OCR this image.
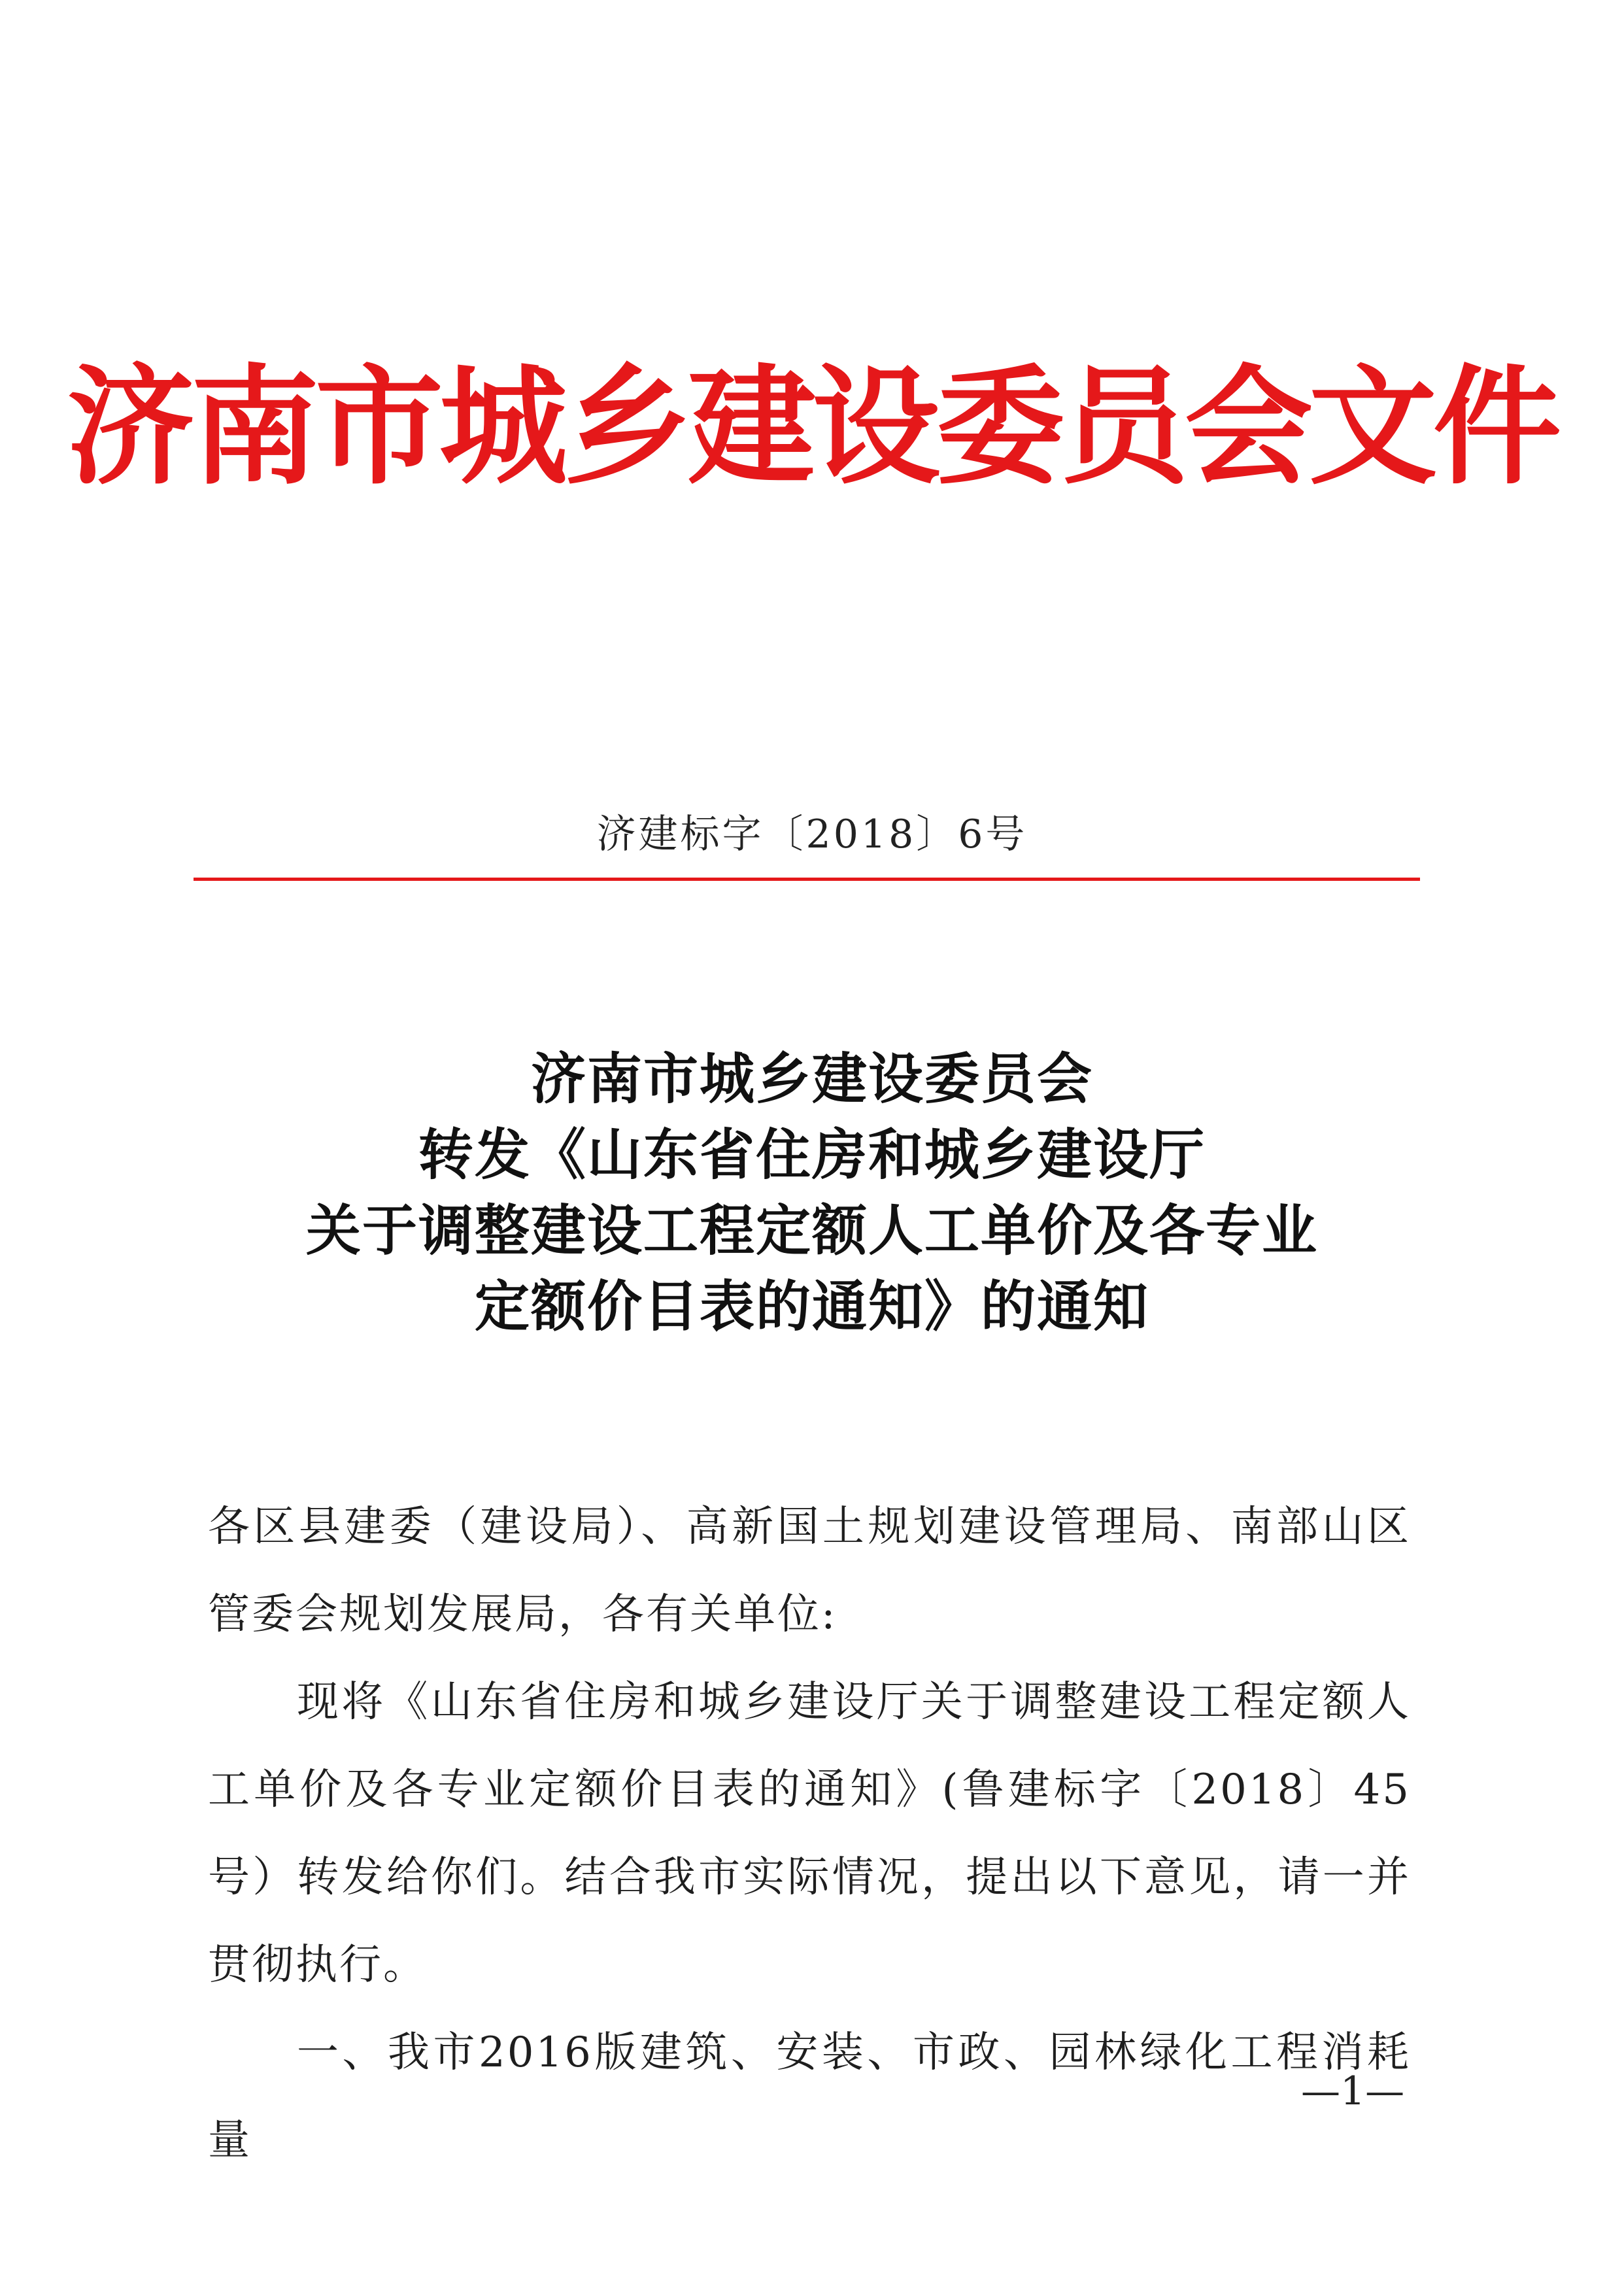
济南市城乡建设委员会文件
济建标字〔2018〕6号
济南市城乡建设委员会
转发《山东省住房和城乡建设厅
关于调整建设工程定额人工单价及各专业
定额价目表的通知》的通知

各区县建委（建设局）、高新国土规划建设管理局、南部山区管委会规划发展局，各有关单位:

现将《山东省住房和城乡建设厅关于调整建设工程定额人工单价及各专业定额价目表的通知》(鲁建标字〔2018〕45号）转发给你们。结合我市实际情况，提出以下意见，请一并贯彻执行。

一、我市2016版建筑、安装、市政、园林绿化工程消耗量

—1—
